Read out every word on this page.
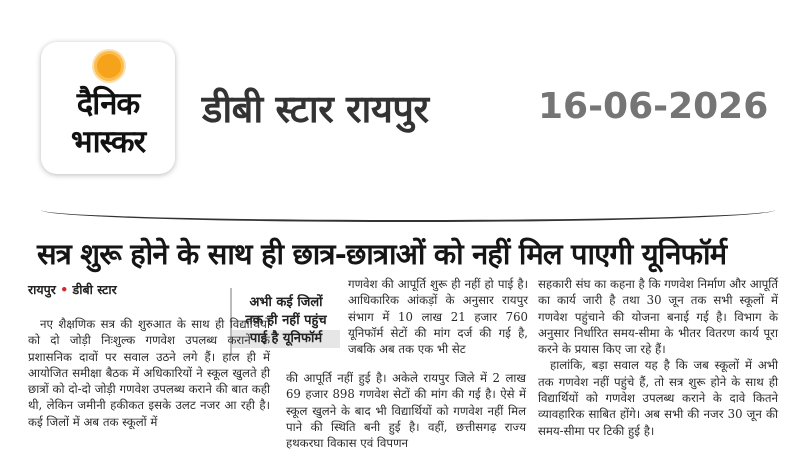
दैनिक
भास्कर
डीबी स्टार रायपुर	16-06-2026
सत्र शुरू होने के साथ ही छात्र-छात्राओं को नहीं मिल पाएगी यूनिफॉर्म
रायपुर • डीबी स्टार
अभी कई जिलों
तक ही नहीं पहुंच
पाई है यूनिफॉर्म

नए शैक्षणिक सत्र की शुरुआत के साथ ही विद्यार्थियों को दो जोड़ी निःशुल्क गणवेश उपलब्ध कराने के प्रशासनिक दावों पर सवाल उठने लगे हैं। हाल ही में आयोजित समीक्षा बैठक में अधिकारियों ने स्कूल खुलते ही छात्रों को दो-दो जोड़ी गणवेश उपलब्ध कराने की बात कही थी, लेकिन जमीनी हकीकत इसके उलट नजर आ रही है। कई जिलों में अब तक स्कूलों में

गणवेश की आपूर्ति शुरू ही नहीं हो पाई है। आधिकारिक आंकड़ों के अनुसार रायपुर संभाग में 10 लाख 21 हजार 760 यूनिफॉर्म सेटों की मांग दर्ज की गई है, जबकि अब तक एक भी सेट

की आपूर्ति नहीं हुई है। अकेले रायपुर जिले में 2 लाख 69 हजार 898 गणवेश सेटों की मांग की गई है। ऐसे में स्कूल खुलने के बाद भी विद्यार्थियों को गणवेश नहीं मिल पाने की स्थिति बनी हुई है। वहीं, छत्तीसगढ़ राज्य हथकरघा विकास एवं विपणन

सहकारी संघ का कहना है कि गणवेश निर्माण और आपूर्ति का कार्य जारी है तथा 30 जून तक सभी स्कूलों में गणवेश पहुंचाने की योजना बनाई गई है। विभाग के अनुसार निर्धारित समय-सीमा के भीतर वितरण कार्य पूरा करने के प्रयास किए जा रहे हैं।

हालांकि, बड़ा सवाल यह है कि जब स्कूलों में अभी तक गणवेश नहीं पहुंचे हैं, तो सत्र शुरू होने के साथ ही विद्यार्थियों को गणवेश उपलब्ध कराने के दावे कितने व्यावहारिक साबित होंगे। अब सभी की नजर 30 जून की समय-सीमा पर टिकी हुई है।
